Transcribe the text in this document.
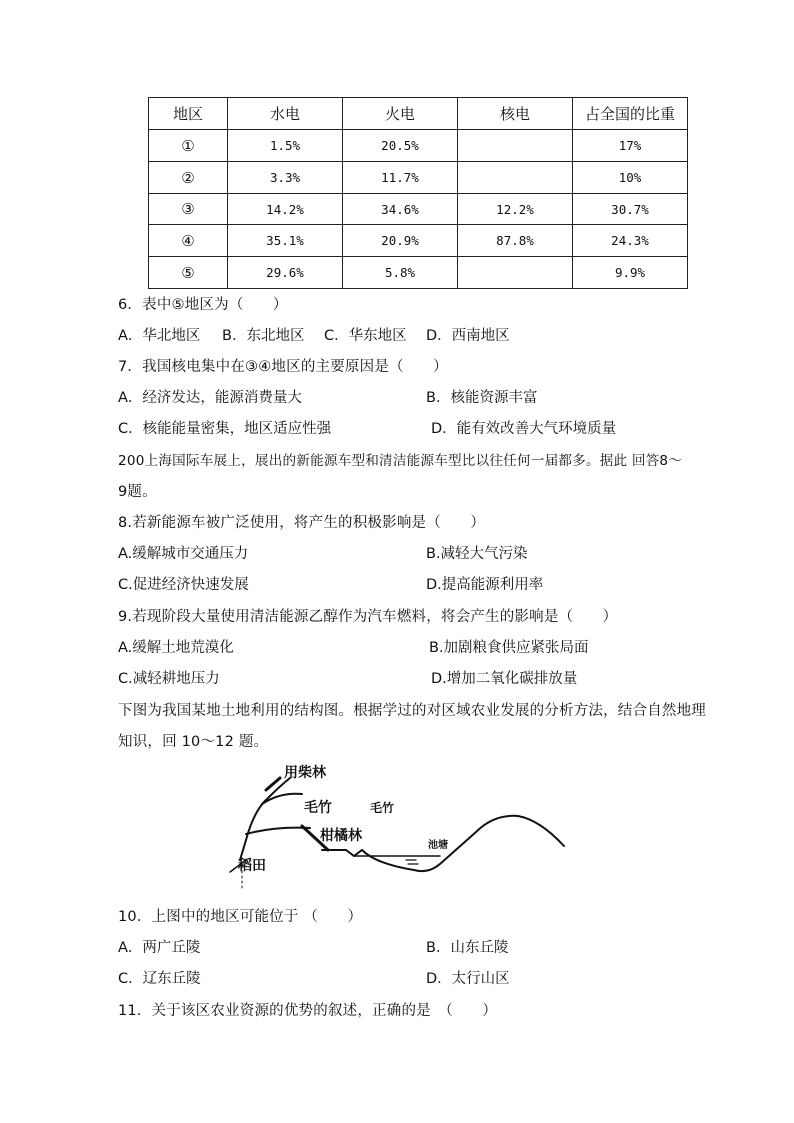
地区	水电	火电	核电	占全国的比重
①	1.5%	20.5%		17%
②	3.3%	11.7%		10%
③	14.2%	34.6%	12.2%	30.7%
④	35.1%	20.9%	87.8%	24.3%
⑤	29.6%	5.8%		9.9%
6．表中⑤地区为（　　）
A．华北地区 B．东北地区 C．华东地区 D．西南地区
7．我国核电集中在③④地区的主要原因是（　　）
A．经济发达，能源消费量大	B．核能资源丰富
C．核能能量密集，地区适应性强	D．能有效改善大气环境质量
200上海国际车展上，展出的新能源车型和清洁能源车型比以往任何一届都多。据此 回答8～
9题。
8.若新能源车被广泛使用，将产生的积极影响是（　　）
A.缓解城市交通压力	B.减轻大气污染
C.促进经济快速发展	D.提高能源利用率
9.若现阶段大量使用清洁能源乙醇作为汽车燃料，将会产生的影响是（　　）
A.缓解土地荒漠化	B.加剧粮食供应紧张局面
C.减轻耕地压力	D.增加二氧化碳排放量
下图为我国某地土地利用的结构图。根据学过的对区域农业发展的分析方法，结合自然地理
知识，回 10～12 题。
用柴林
毛竹	毛竹
柑橘林
池塘
稻田
10．上图中的地区可能位于 （　　）
A．两广丘陵	B．山东丘陵
C．辽东丘陵	D．太行山区
11．关于该区农业资源的优势的叙述，正确的是　（　　）
